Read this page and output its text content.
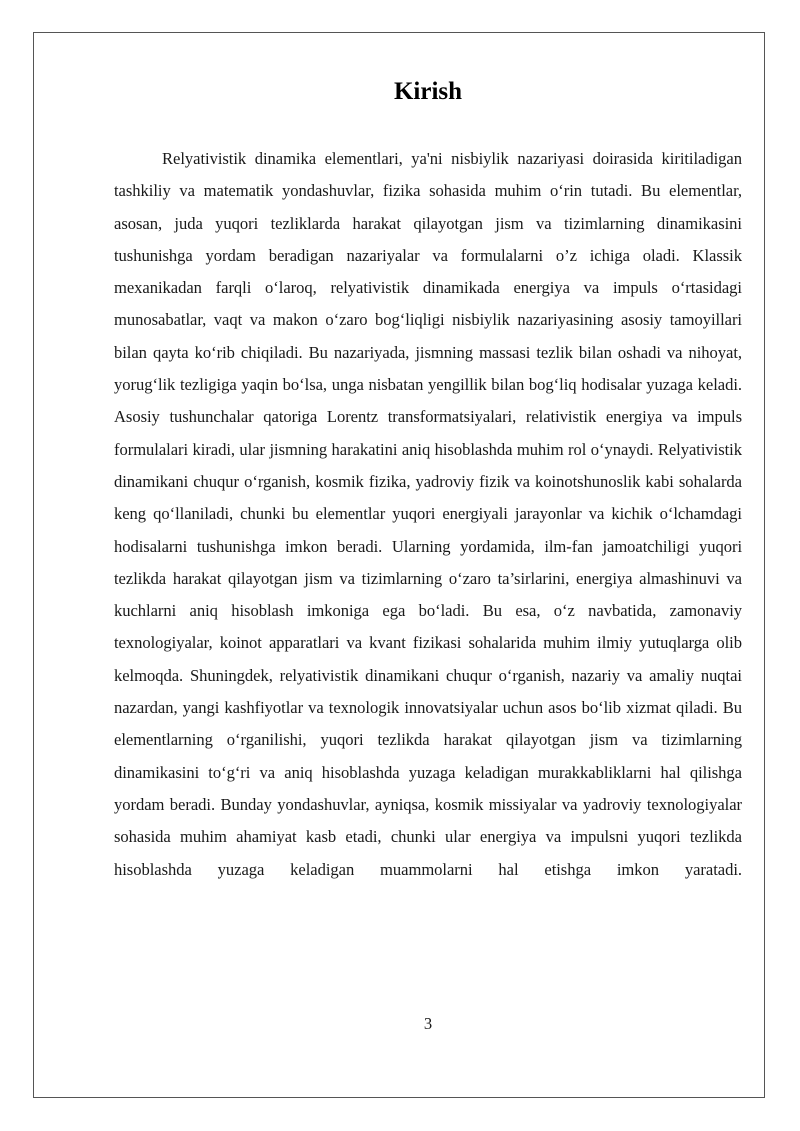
Kirish

Relyativistik dinamika elementlari, ya'ni nisbiylik nazariyasi doirasida kiritiladigan tashkiliy va matematik yondashuvlar, fizika sohasida muhim o‘rin tutadi. Bu elementlar, asosan, juda yuqori tezliklarda harakat qilayotgan jism va tizimlarning dinamikasini tushunishga yordam beradigan nazariyalar va formulalarni o’z ichiga oladi. Klassik mexanikadan farqli o‘laroq, relyativistik dinamikada energiya va impuls o‘rtasidagi munosabatlar, vaqt va makon o‘zaro bog‘liqligi nisbiylik nazariyasining asosiy tamoyillari bilan qayta ko‘rib chiqiladi. Bu nazariyada, jismning massasi tezlik bilan oshadi va nihoyat, yorug‘lik tezligiga yaqin bo‘lsa, unga nisbatan yengillik bilan bog‘liq hodisalar yuzaga keladi. Asosiy tushunchalar qatoriga Lorentz transformatsiyalari, relativistik energiya va impuls formulalari kiradi, ular jismning harakatini aniq hisoblashda muhim rol o‘ynaydi. Relyativistik dinamikani chuqur o‘rganish, kosmik fizika, yadroviy fizik va koinotshunoslik kabi sohalarda keng qo‘llaniladi, chunki bu elementlar yuqori energiyali jarayonlar va kichik o‘lchamdagi hodisalarni tushunishga imkon beradi. Ularning yordamida, ilm-fan jamoatchiligi yuqori tezlikda harakat qilayotgan jism va tizimlarning o‘zaro ta’sirlarini, energiya almashinuvi va kuchlarni aniq hisoblash imkoniga ega bo‘ladi. Bu esa, o‘z navbatida, zamonaviy texnologiyalar, koinot apparatlari va kvant fizikasi sohalarida muhim ilmiy yutuqlarga olib kelmoqda. Shuningdek, relyativistik dinamikani chuqur o‘rganish, nazariy va amaliy nuqtai nazardan, yangi kashfiyotlar va texnologik innovatsiyalar uchun asos bo‘lib xizmat qiladi. Bu elementlarning o‘rganilishi, yuqori tezlikda harakat qilayotgan jism va tizimlarning dinamikasini to‘g‘ri va aniq hisoblashda yuzaga keladigan murakkabliklarni hal qilishga yordam beradi. Bunday yondashuvlar, ayniqsa, kosmik missiyalar va yadroviy texnologiyalar sohasida muhim ahamiyat kasb etadi, chunki ular energiya va impulsni yuqori tezlikda hisoblashda yuzaga keladigan muammolarni hal etishga imkon yaratadi.

3
